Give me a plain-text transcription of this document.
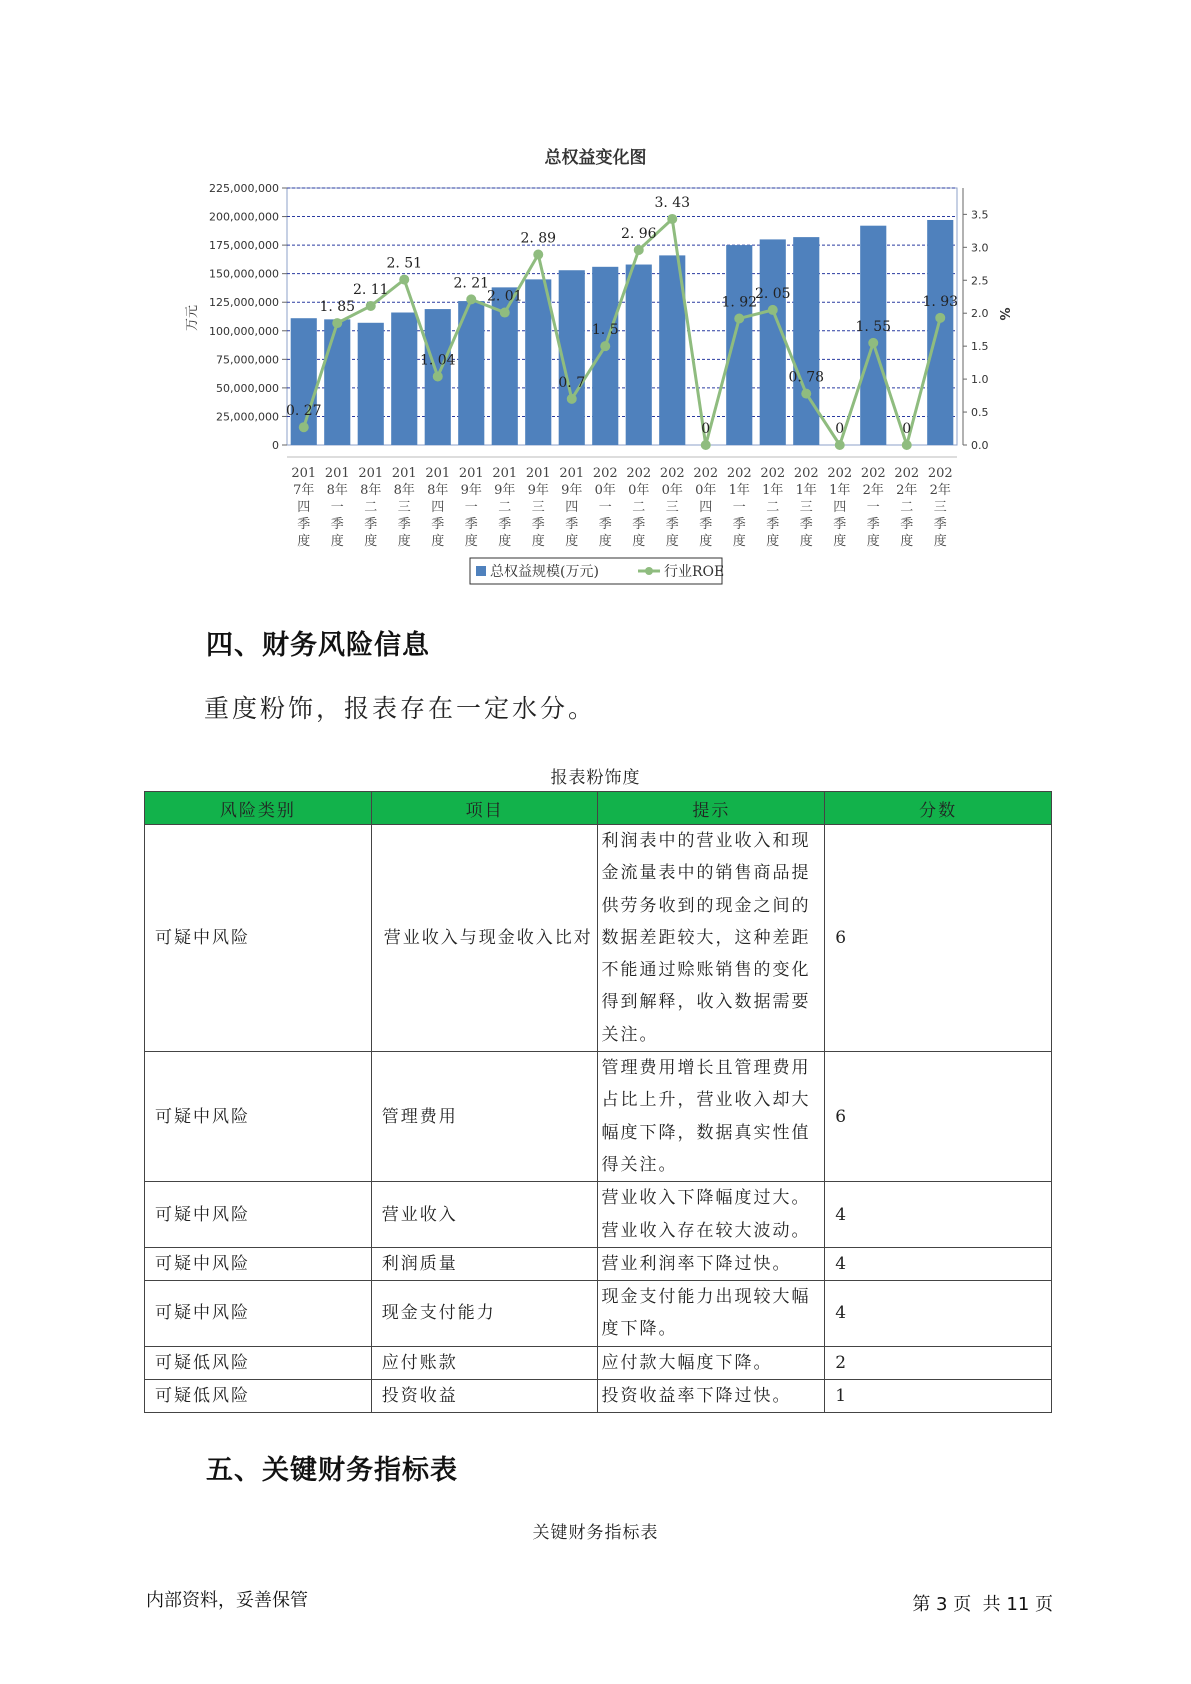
总权益变化图
0
25,000,000
50,000,000
75,000,000
100,000,000
125,000,000
150,000,000
175,000,000
200,000,000
225,000,000
万元
0.0
0.5
1.0
1.5
2.0
2.5
3.0
3.5
%
201 7年四季度
201 8年一季度
201 8年二季度
201 8年三季度
201 8年四季度
201 9年一季度
201 9年二季度
201 9年三季度
201 9年四季度
202 0年一季度
202 0年二季度
202 0年三季度
202 0年四季度
202 1年一季度
202 1年二季度
202 1年三季度
202 1年四季度
202 2年一季度
202 2年二季度
202 2年三季度
0. 27
1. 85
2. 11
2. 51
1. 04
2. 21
2. 01
2. 89
0. 7
1. 5
2. 96
3. 43
0
1. 92
2. 05
0. 78
0
1. 55
0
1. 93
总权益规模(万元)	行业ROE
四、财务风险信息
重度粉饰，报表存在一定水分。
报表粉饰度
风险类别	项目	提示	分数
可疑中风险	营业收入与现金收入比对	利润表中的营业收入和现金流量表中的销售商品提供劳务收到的现金之间的数据差距较大，这种差距不能通过赊账销售的变化得到解释，收入数据需要关注。	6
可疑中风险	管理费用	管理费用增长且管理费用占比上升，营业收入却大幅度下降，数据真实性值得关注。	6
可疑中风险	营业收入	营业收入下降幅度过大。营业收入存在较大波动。	4
可疑中风险	利润质量	营业利润率下降过快。	4
可疑中风险	现金支付能力	现金支付能力出现较大幅度下降。	4
可疑低风险	应付账款	应付款大幅度下降。	2
可疑低风险	投资收益	投资收益率下降过快。	1
五、关键财务指标表
关键财务指标表
内部资料，妥善保管	第 3 页  共 11 页
